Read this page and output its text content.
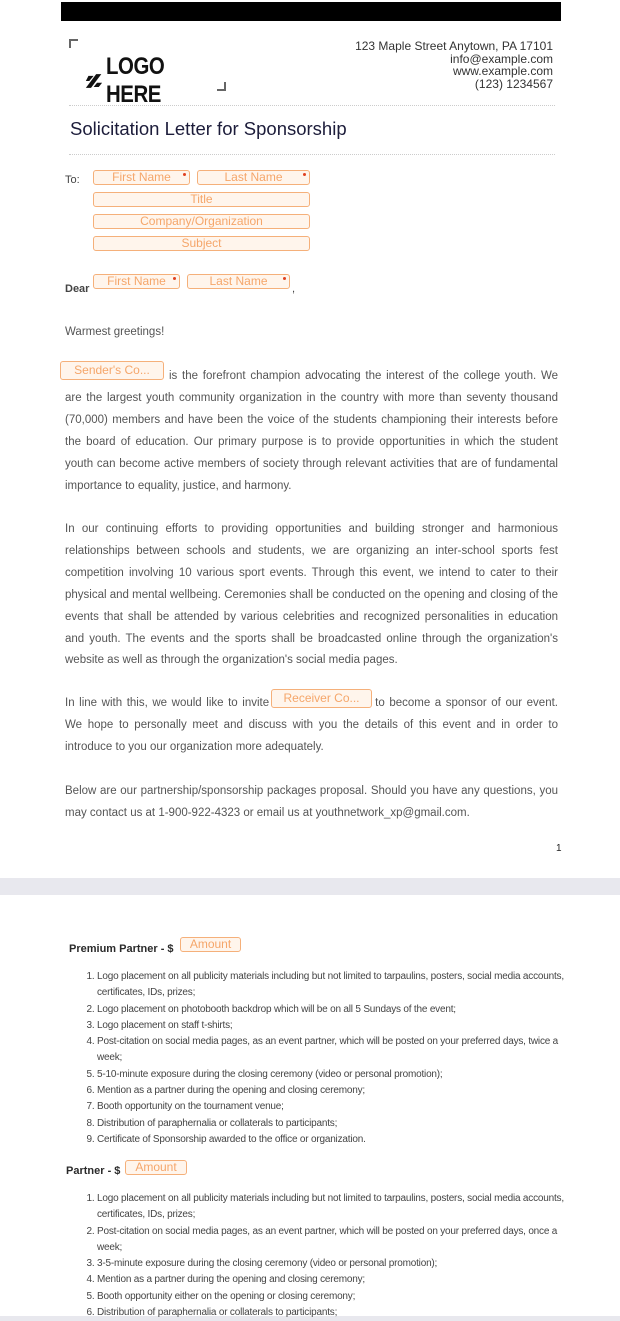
LOGO HERE
123 Maple Street Anytown, PA 17101
info@example.com
www.example.com
(123) 1234567
Solicitation Letter for Sponsorship
To:	First Name	Last Name
Title
Company/Organization
Subject
Dear
First Name	Last Name
,
Warmest greetings!
Sender's Co...	is the forefront champion advocating the interest of the college youth. We are the largest youth community organization in the country with more than seventy thousand (70,000) members and have been the voice of the students championing their interests before the board of education. Our primary purpose is to provide opportunities in which the student youth can become active members of society through relevant activities that are of fundamental importance to equality, justice, and harmony.
In our continuing efforts to providing opportunities and building stronger and harmonious relationships between schools and students, we are organizing an inter-school sports fest competition involving 10 various sport events. Through this event, we intend to cater to their physical and mental wellbeing. Ceremonies shall be conducted on the opening and closing of the events that shall be attended by various celebrities and recognized personalities in education and youth. The events and the sports shall be broadcasted online through the organization's website as well as through the organization's social media pages.
Receiver Co...
In line with this, we would like to invite	to become a sponsor of our event. We hope to personally meet and discuss with you the details of this event and in order to introduce to you our organization more adequately.
Below are our partnership/sponsorship packages proposal. Should you have any questions, you may contact us at 1-900-922-4323 or email us at youthnetwork_xp@gmail.com.
1
Premium Partner - $	Amount
1. Logo placement on all publicity materials including but not limited to tarpaulins, posters, social media accounts, certificates, IDs, prizes;
2. Logo placement on photobooth backdrop which will be on all 5 Sundays of the event;
3. Logo placement on staff t-shirts;
4. Post-citation on social media pages, as an event partner, which will be posted on your preferred days, twice a week;
5. 5-10-minute exposure during the closing ceremony (video or personal promotion);
6. Mention as a partner during the opening and closing ceremony;
7. Booth opportunity on the tournament venue;
8. Distribution of paraphernalia or collaterals to participants;
9. Certificate of Sponsorship awarded to the office or organization.
Partner - $	Amount
1. Logo placement on all publicity materials including but not limited to tarpaulins, posters, social media accounts, certificates, IDs, prizes;
2. Post-citation on social media pages, as an event partner, which will be posted on your preferred days, once a week;
3. 3-5-minute exposure during the closing ceremony (video or personal promotion);
4. Mention as a partner during the opening and closing ceremony;
5. Booth opportunity either on the opening or closing ceremony;
6. Distribution of paraphernalia or collaterals to participants;
